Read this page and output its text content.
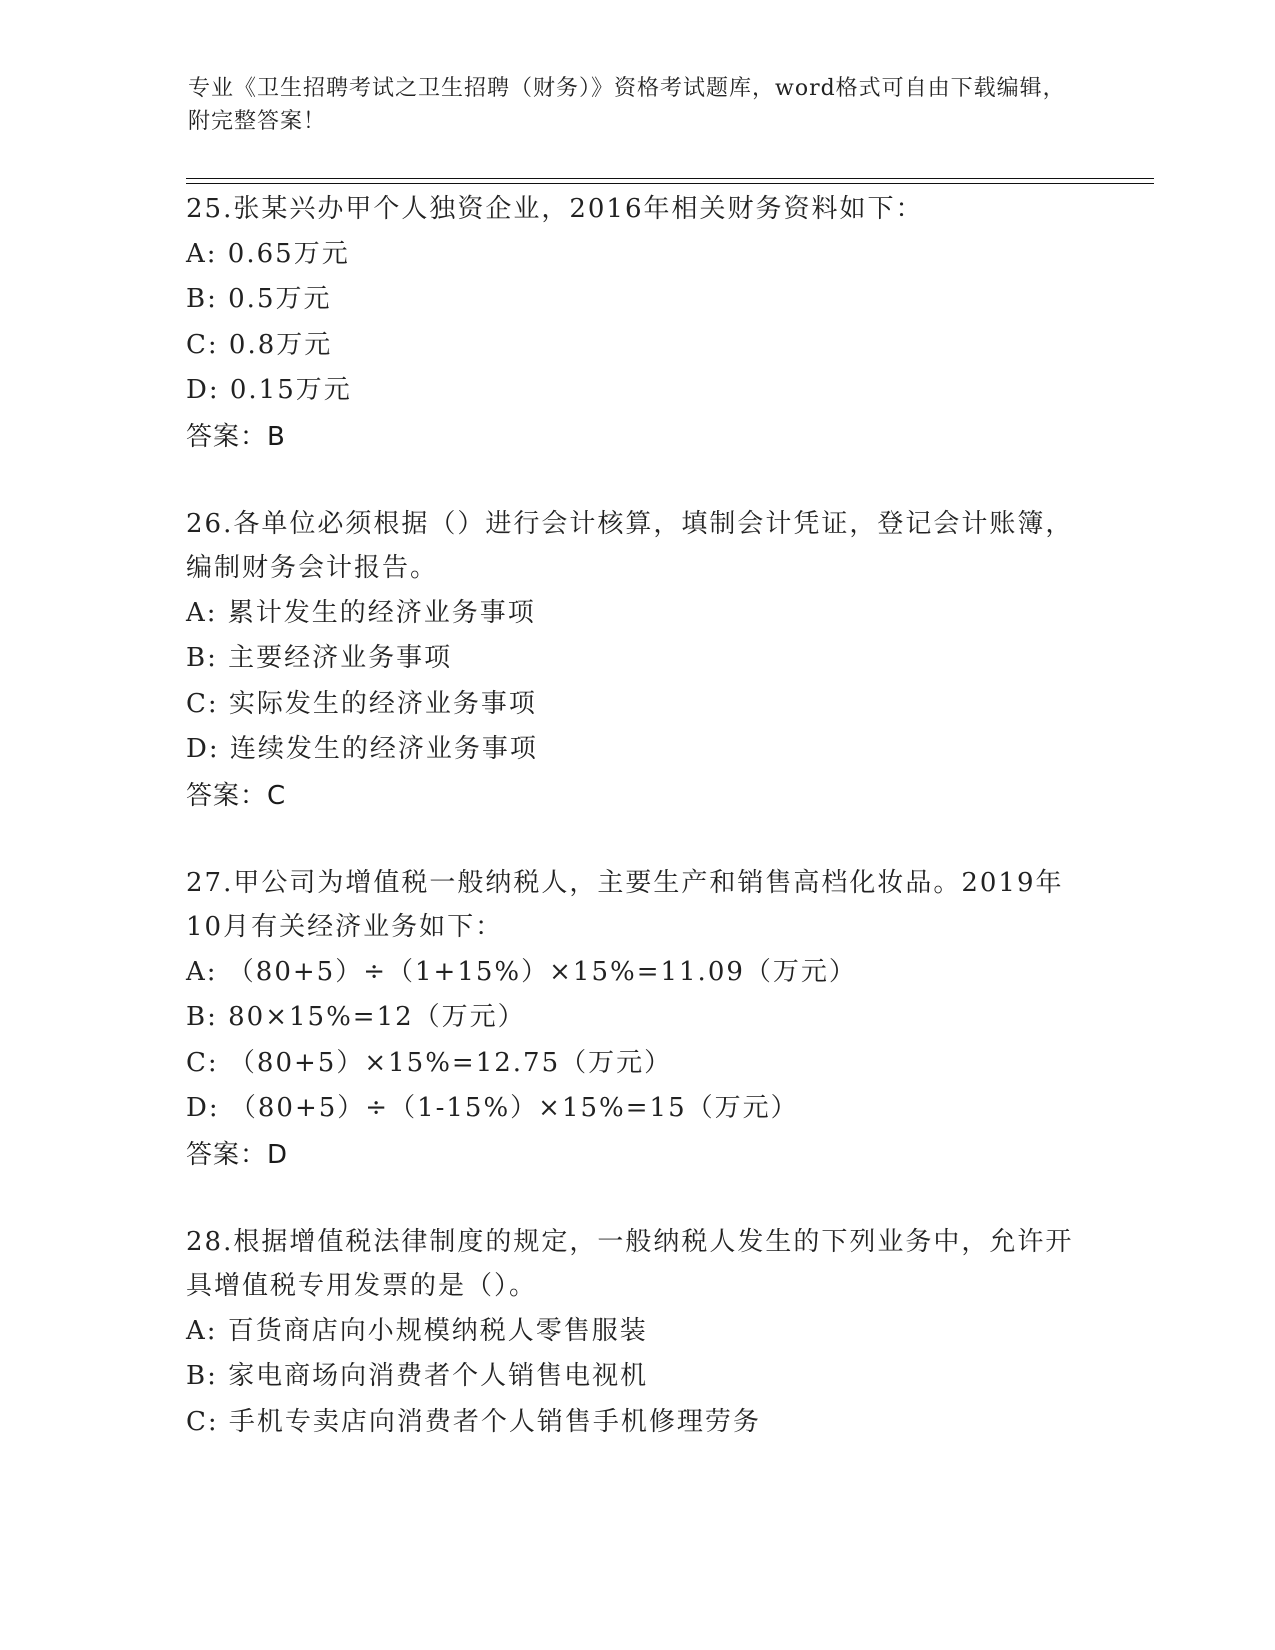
专业《卫生招聘考试之卫生招聘（财务）》资格考试题库，word格式可自由下载编辑，附完整答案！

25.张某兴办甲个人独资企业，2016年相关财务资料如下：

A: 0.65万元

B: 0.5万元

C: 0.8万元

D: 0.15万元

答案：B

26.各单位必须根据（）进行会计核算，填制会计凭证，登记会计账簿，编制财务会计报告。

A: 累计发生的经济业务事项

B: 主要经济业务事项

C: 实际发生的经济业务事项

D: 连续发生的经济业务事项

答案：C

27.甲公司为增值税一般纳税人，主要生产和销售高档化妆品。2019年10月有关经济业务如下：

A: （80+5）÷（1+15%）×15%=11.09（万元）

B: 80×15%=12（万元）

C: （80+5）×15%=12.75（万元）

D: （80+5）÷（1-15%）×15%=15（万元）

答案：D

28.根据增值税法律制度的规定，一般纳税人发生的下列业务中，允许开具增值税专用发票的是（）。

A: 百货商店向小规模纳税人零售服装

B: 家电商场向消费者个人销售电视机

C: 手机专卖店向消费者个人销售手机修理劳务
